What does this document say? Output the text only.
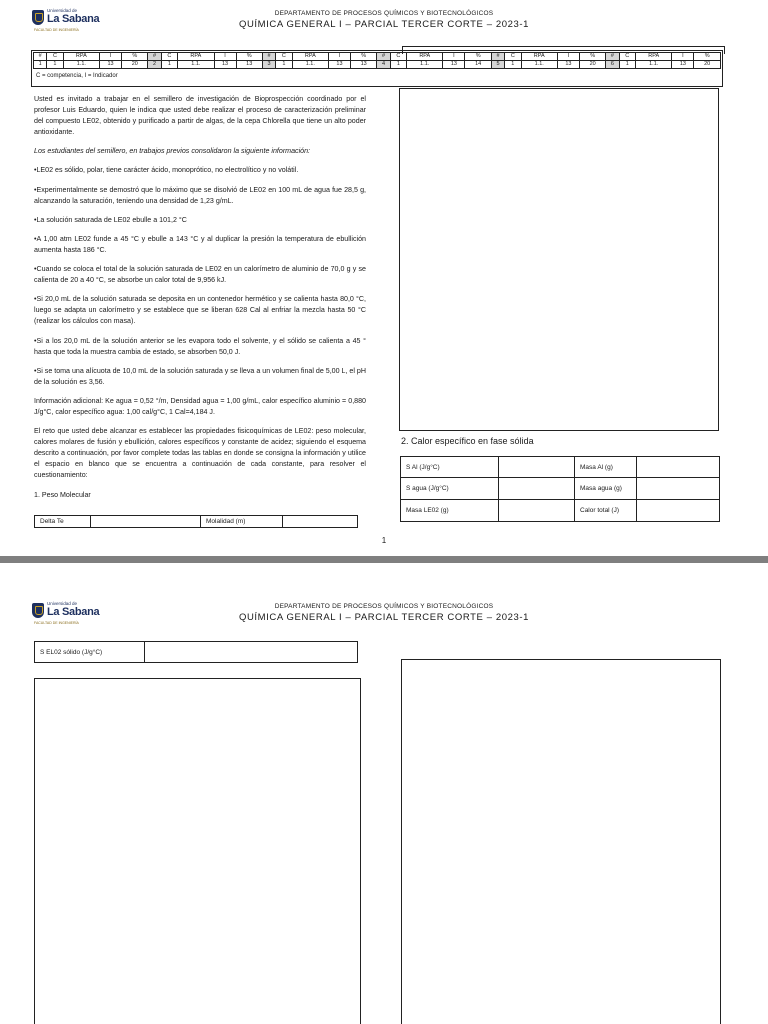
Universidad de
La Sabana
FACULTAD DE INGENIERÍA
DEPARTAMENTO DE PROCESOS QUÍMICOS Y BIOTECNOLÓGICOS
QUÍMICA GENERAL I – PARCIAL TERCER CORTE – 2023-1
#	C	RPA	I	%	#	C	RPA	I	%	#	C	RPA	I	%	#	C	RPA	I	%	#	C	RPA	I	%	#	C	RPA	I	%
1	1	1.1.	13	20	2	1	1.1.	13	13	3	1	1.1.	13	13	4	1	1.1.	13	14	5	1	1.1.	13	20	6	1	1.1.	13	20
C = competencia, I = Indicador

Usted es invitado a trabajar en el semillero de investigación de Bioprospección coordinado por el profesor Luis Eduardo, quien le indica que usted debe realizar el proceso de caracterización preliminar del compuesto LE02, obtenido y purificado a partir de algas, de la cepa Chlorella que tiene un alto poder antioxidante.

Los estudiantes del semillero, en trabajos previos consolidaron la siguiente información:

•LE02 es sólido, polar, tiene carácter ácido, monoprótico, no electrolítico y no volátil.

•Experimentalmente se demostró que lo máximo que se disolvió de LE02 en 100 mL de agua fue 28,5 g, alcanzando la saturación, teniendo una densidad de 1,23 g/mL.

•La solución saturada de LE02 ebulle a 101,2 °C

•A 1,00 atm LE02 funde a 45 °C y ebulle a 143 °C y al duplicar la presión la temperatura de ebullición aumenta hasta 186 °C.

•Cuando se coloca el total de la solución saturada de LE02 en un calorímetro de aluminio de 70,0 g y se calienta de 20 a 40 °C, se absorbe un calor total de 9,956 kJ.

•Si 20,0 mL de la solución saturada se deposita en un contenedor hermético y se calienta hasta 80,0 °C, luego se adapta un calorímetro y se establece que se liberan 628 Cal al enfriar la mezcla hasta 50 °C (realizar los cálculos con masa).

•Si a los 20,0 mL de la solución anterior se les evapora todo el solvente, y el sólido se calienta a 45 ° hasta que toda la muestra cambia de estado, se absorben 50,0 J.

•Si se toma una alícuota de 10,0 mL de la solución saturada y se lleva a un volumen final de 5,00 L, el pH de la solución es 3,56.

Información adicional: Ke agua = 0,52 °/m, Densidad agua = 1,00 g/mL, calor específico aluminio = 0,880 J/g°C, calor específico agua: 1,00 cal/g°C, 1 Cal=4,184 J.

El reto que usted debe alcanzar es establecer las propiedades fisicoquímicas de LE02: peso molecular, calores molares de fusión y ebullición, calores específicos y constante de acidez; siguiendo el esquema descrito a continuación, por favor complete todas las tablas en donde se consigna la información y utilice el espacio en blanco que se encuentra a continuación de cada constante, para resolver el cuestionamiento:

1. Peso Molecular

Delta Te		Molalidad (m)	
2. Calor específico en fase sólida
S Al (J/g°C)		Masa Al (g)	
S agua (J/g°C)		Masa agua (g)	
Masa LE02 (g)		Calor total (J)	
1
Universidad de
La Sabana
FACULTAD DE INGENIERÍA
DEPARTAMENTO DE PROCESOS QUÍMICOS Y BIOTECNOLÓGICOS
QUÍMICA GENERAL I – PARCIAL TERCER CORTE – 2023-1
S EL02 sólido (J/g°C)	
